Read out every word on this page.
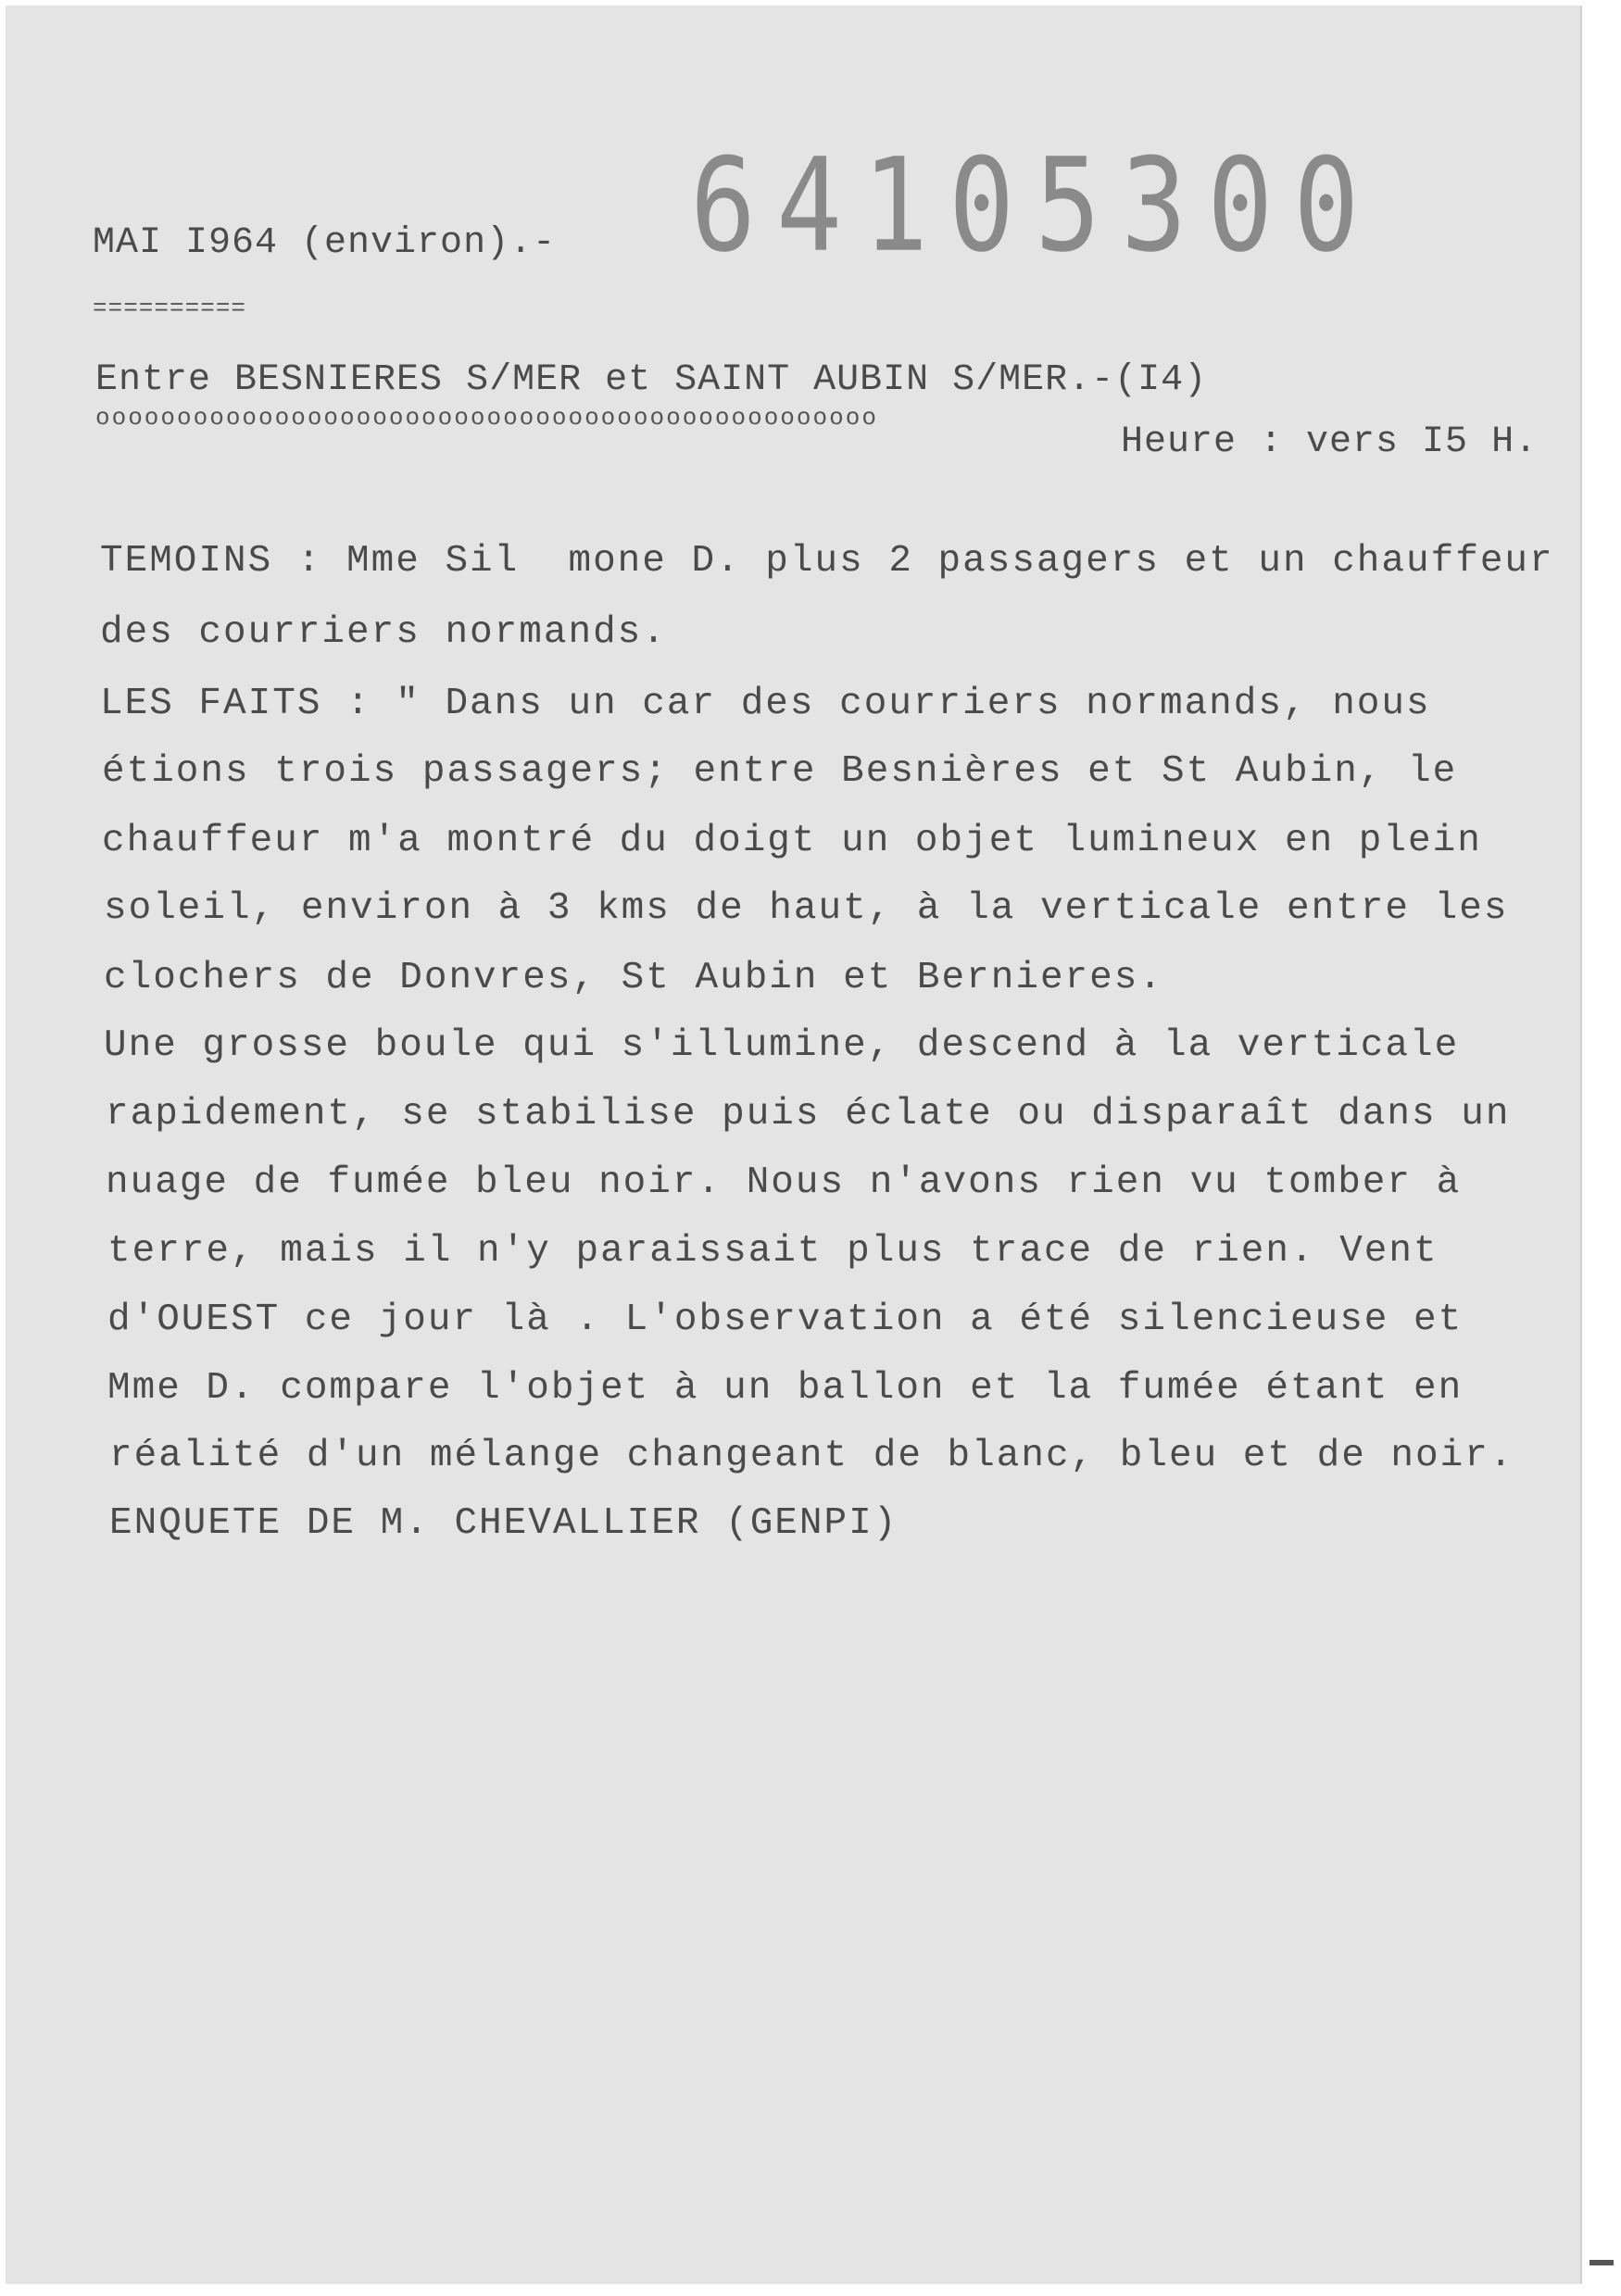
64105300
MAI I964 (environ).-
==========
Entre BESNIERES S/MER et SAINT AUBIN S/MER.-(I4)
oooooooooooooooooooooooooooooooooooooooooooooooo
Heure : vers I5 H.
TEMOINS : Mme Sil  mone D. plus 2 passagers et un chauffeur
des courriers normands.
LES FAITS : " Dans un car des courriers normands, nous
étions trois passagers; entre Besnières et St Aubin, le
chauffeur m'a montré du doigt un objet lumineux en plein
soleil, environ à 3 kms de haut, à la verticale entre les
clochers de Donvres, St Aubin et Bernieres.
Une grosse boule qui s'illumine, descend à la verticale
rapidement, se stabilise puis éclate ou disparaît dans un
nuage de fumée bleu noir. Nous n'avons rien vu tomber à
terre, mais il n'y paraissait plus trace de rien. Vent
d'OUEST ce jour là . L'observation a été silencieuse et
Mme D. compare l'objet à un ballon et la fumée étant en
réalité d'un mélange changeant de blanc, bleu et de noir.
ENQUETE DE M. CHEVALLIER (GENPI)
